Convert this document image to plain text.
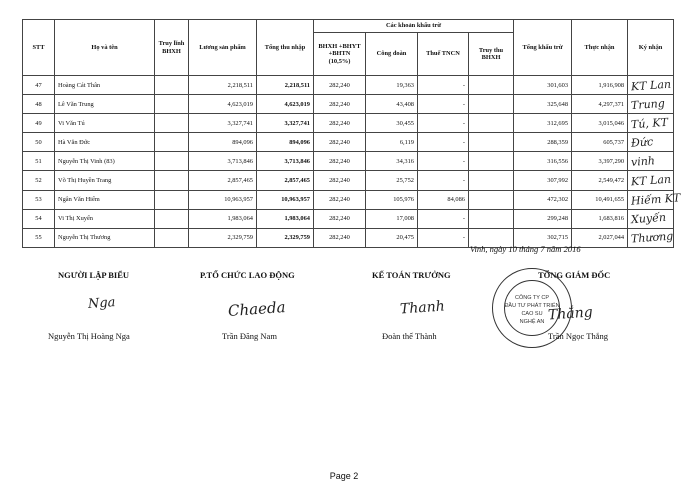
STT	Họ và tên	Truy lĩnh BHXH	Lương sản phẩm	Tổng thu nhập	Các khoản khấu trừ				Tổng khấu trừ	Thực nhận	Ký nhận
					BHXH +BHYT +BHTN (10,5%)	Công đoàn	Thuế TNCN	Truy thu BHXH			
47	Hoàng Cát Thân		2,218,511	2,218,511	282,240	19,363	-		301,603	1,916,908	KT Lan
48	Lê Văn Trung		4,623,019	4,623,019	282,240	43,408	-		325,648	4,297,371	Trung
49	Vi Văn Tú		3,327,741	3,327,741	282,240	30,455	-		312,695	3,015,046	Tú, KT
50	Hà Văn Đức		894,096	894,096	282,240	6,119	-		288,359	605,737	Đức
51	Nguyễn Thị Vinh (83)		3,713,846	3,713,846	282,240	34,316	-		316,556	3,397,290	vinh
52	Võ Thị Huyền Trang		2,857,465	2,857,465	282,240	25,752	-		307,992	2,549,472	KT Lan
53	Ngân Văn Hiếm		10,963,957	10,963,957	282,240	105,976	84,086		472,302	10,491,655	Hiếm KT
54	Vi Thị Xuyến		1,983,064	1,983,064	282,240	17,008	-		299,248	1,683,816	Xuyến
55	Nguyễn Thị Thương		2,329,759	2,329,759	282,240	20,475	-		302,715	2,027,044	Thương
Vinh, ngày 10 tháng 7 năm 2016
NGƯỜI LẬP BIỂU	P.TỔ CHỨC LAO ĐỘNG	KẾ TOÁN TRƯỞNG	TỔNG GIÁM ĐỐC
Nga	Chaeda	Thanh
CÔNG TY CP
ĐẦU TƯ PHÁT TRIỂN
CAO SU
NGHỆ AN Thắng
Nguyễn Thị Hoàng Nga	Trần Đăng Nam	Đoàn thế Thành	Trần Ngọc Thắng
Page 2
